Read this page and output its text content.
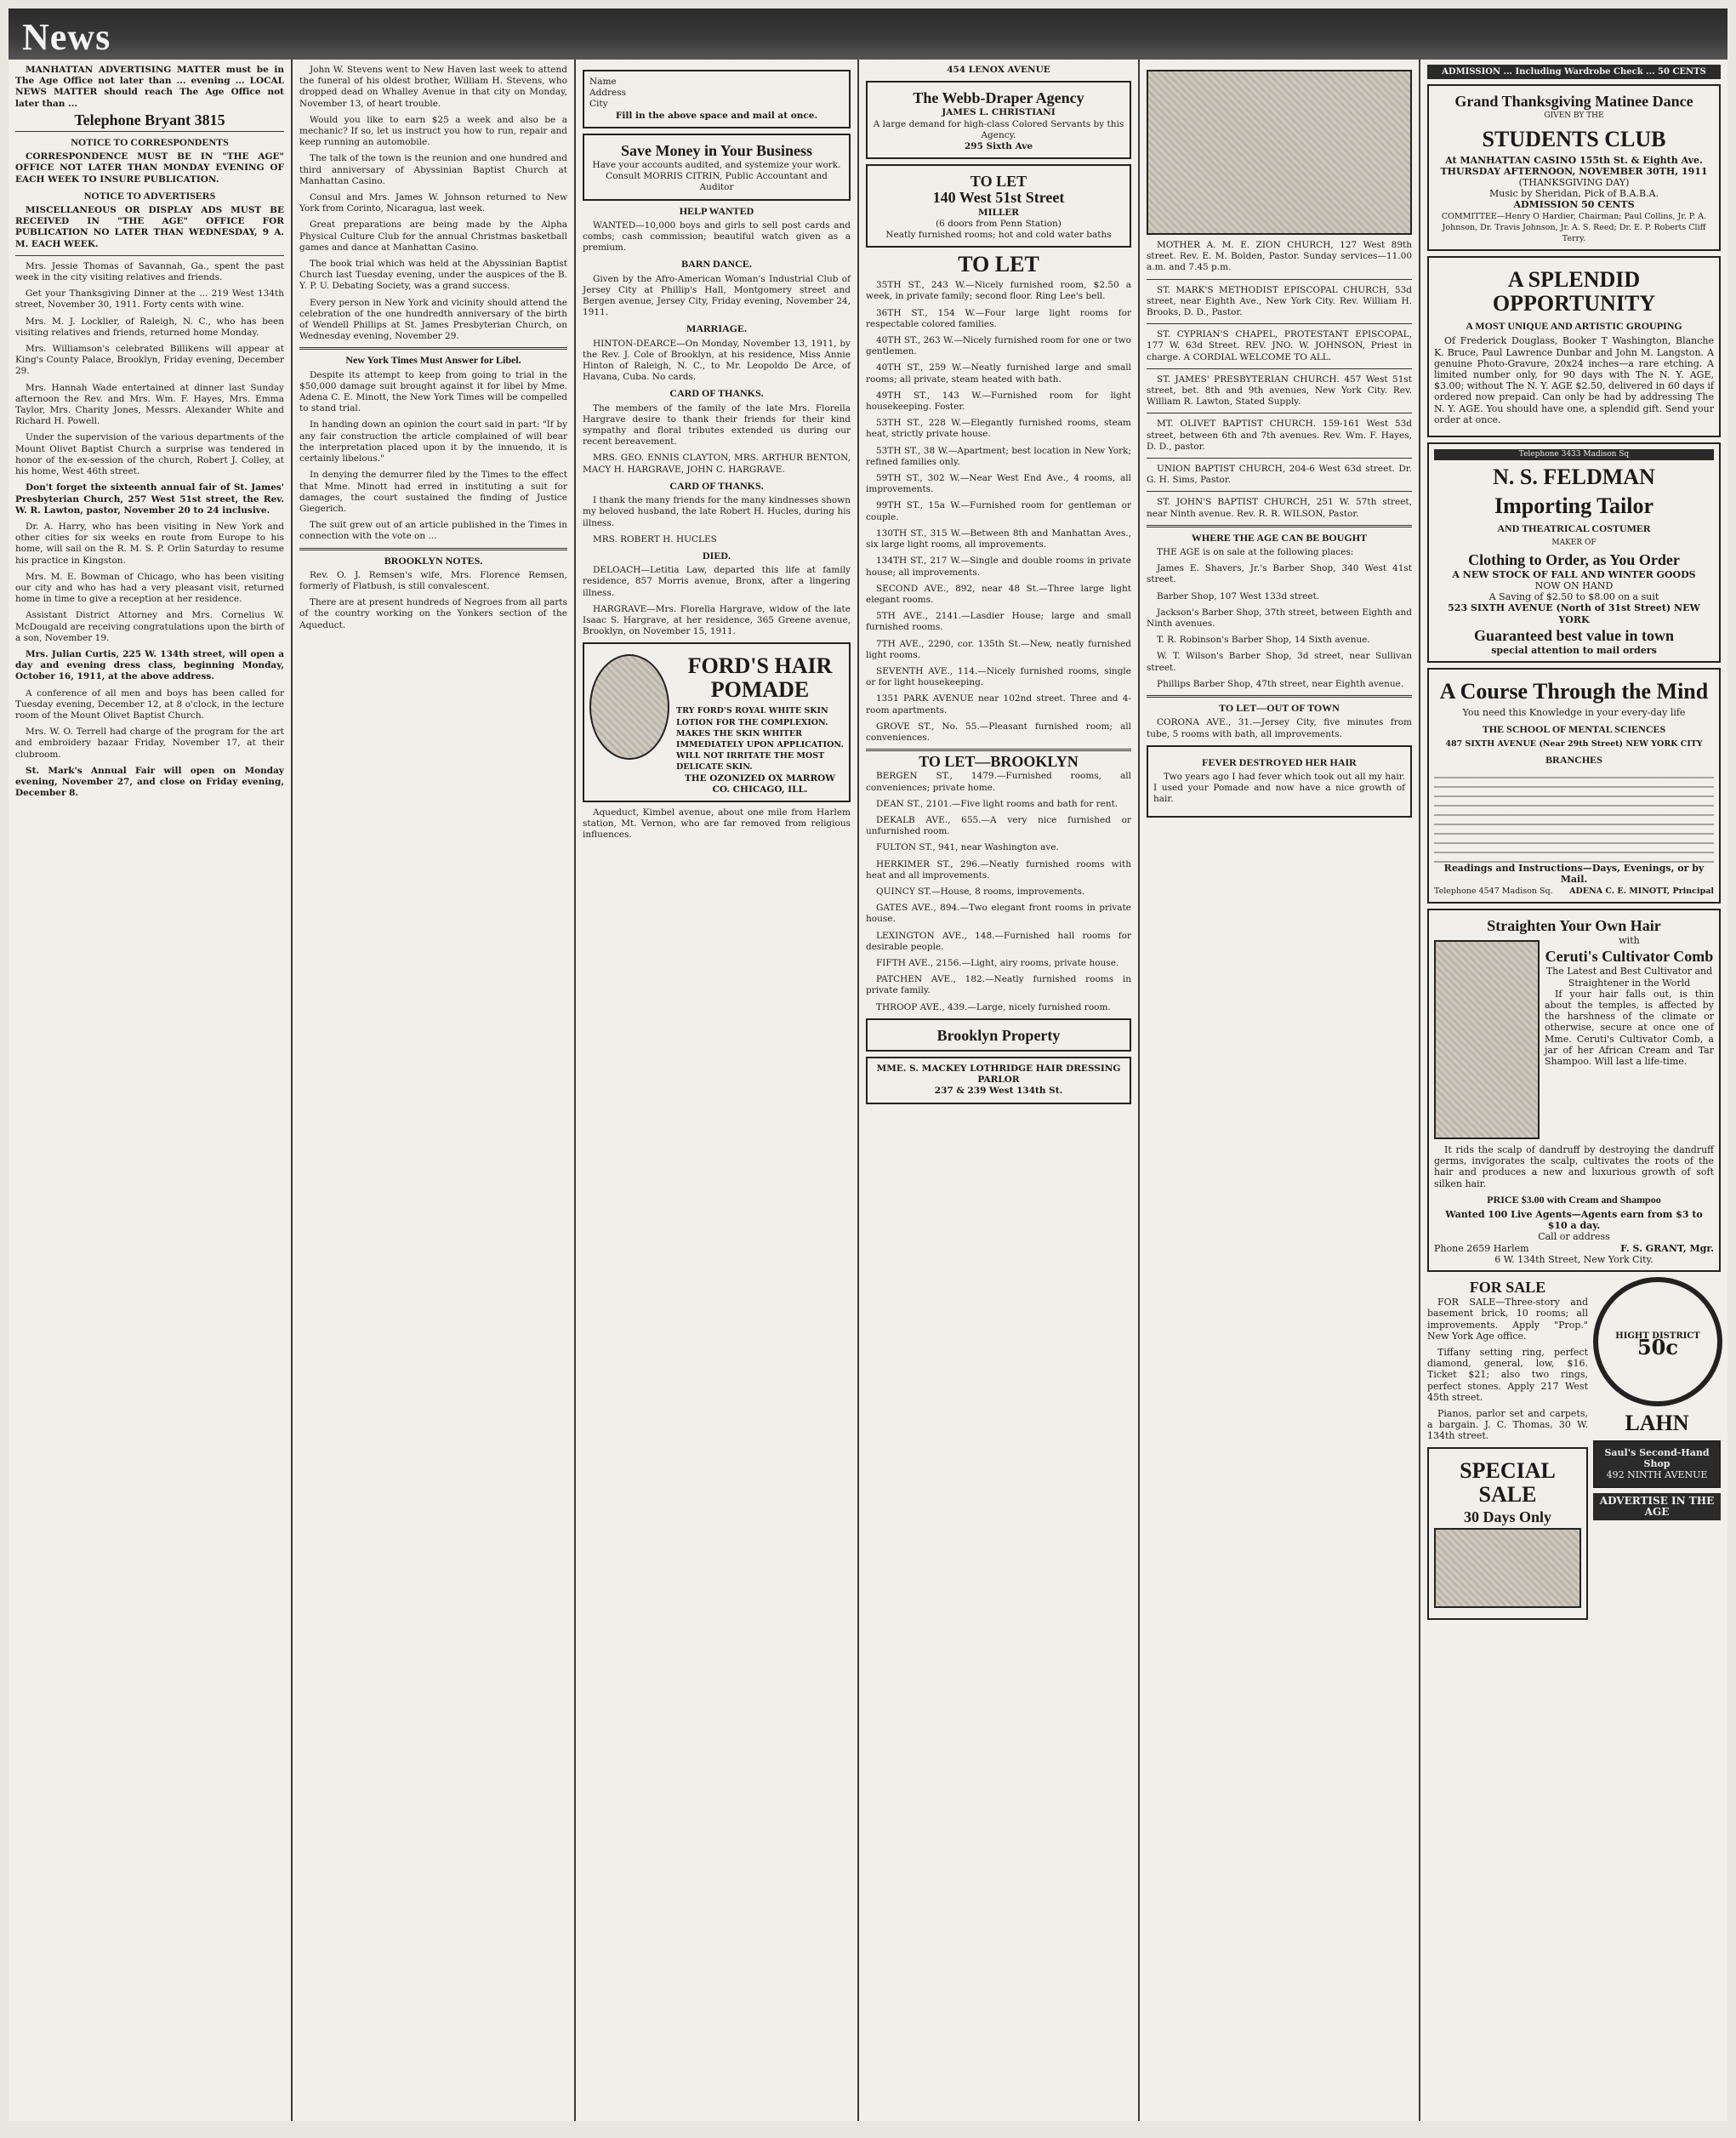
News

MANHATTAN ADVERTISING MATTER must be in The Age Office not later than ... evening ... LOCAL NEWS MATTER should reach The Age Office not later than ...

Telephone Bryant 3815
NOTICE TO CORRESPONDENTS

CORRESPONDENCE MUST BE IN "THE AGE" OFFICE NOT LATER THAN MONDAY EVENING OF EACH WEEK TO INSURE PUBLICATION.

NOTICE TO ADVERTISERS

MISCELLANEOUS OR DISPLAY ADS MUST BE RECEIVED IN "THE AGE" OFFICE FOR PUBLICATION NO LATER THAN WEDNESDAY, 9 A. M. EACH WEEK.

Mrs. Jessie Thomas of Savannah, Ga., spent the past week in the city visiting relatives and friends.

Get your Thanksgiving Dinner at the ... 219 West 134th street, November 30, 1911. Forty cents with wine.

Mrs. M. J. Locklier, of Raleigh, N. C., who has been visiting relatives and friends, returned home Monday.

Mrs. Williamson's celebrated Billikens will appear at King's County Palace, Brooklyn, Friday evening, December 29.

Mrs. Hannah Wade entertained at dinner last Sunday afternoon the Rev. and Mrs. Wm. F. Hayes, Mrs. Emma Taylor, Mrs. Charity Jones, Messrs. Alexander White and Richard H. Powell.

Under the supervision of the various departments of the Mount Olivet Baptist Church a surprise was tendered in honor of the ex-session of the church, Robert J. Colley, at his home, West 46th street.

Don't forget the sixteenth annual fair of St. James' Presbyterian Church, 257 West 51st street, the Rev. W. R. Lawton, pastor, November 20 to 24 inclusive.

Dr. A. Harry, who has been visiting in New York and other cities for six weeks en route from Europe to his home, will sail on the R. M. S. P. Orlin Saturday to resume his practice in Kingston.

Mrs. M. E. Bowman of Chicago, who has been visiting our city and who has had a very pleasant visit, returned home in time to give a reception at her residence.

Assistant District Attorney and Mrs. Cornelius W. McDougald are receiving congratulations upon the birth of a son, November 19.

Mrs. Julian Curtis, 225 W. 134th street, will open a day and evening dress class, beginning Monday, October 16, 1911, at the above address.

A conference of all men and boys has been called for Tuesday evening, December 12, at 8 o'clock, in the lecture room of the Mount Olivet Baptist Church.

Mrs. W. O. Terrell had charge of the program for the art and embroidery bazaar Friday, November 17, at their clubroom.

St. Mark's Annual Fair will open on Monday evening, November 27, and close on Friday evening, December 8.

John W. Stevens went to New Haven last week to attend the funeral of his oldest brother, William H. Stevens, who dropped dead on Whalley Avenue in that city on Monday, November 13, of heart trouble.

Would you like to earn $25 a week and also be a mechanic? If so, let us instruct you how to run, repair and keep running an automobile.

The talk of the town is the reunion and one hundred and third anniversary of Abyssinian Baptist Church at Manhattan Casino.

Consul and Mrs. James W. Johnson returned to New York from Corinto, Nicaragua, last week.

Great preparations are being made by the Alpha Physical Culture Club for the annual Christmas basketball games and dance at Manhattan Casino.

The book trial which was held at the Abyssinian Baptist Church last Tuesday evening, under the auspices of the B. Y. P. U. Debating Society, was a grand success.

Every person in New York and vicinity should attend the celebration of the one hundredth anniversary of the birth of Wendell Phillips at St. James Presbyterian Church, on Wednesday evening, November 29.

New York Times Must Answer for Libel.

Despite its attempt to keep from going to trial in the $50,000 damage suit brought against it for libel by Mme. Adena C. E. Minott, the New York Times will be compelled to stand trial.

In handing down an opinion the court said in part: "If by any fair construction the article complained of will bear the interpretation placed upon it by the innuendo, it is certainly libelous."

In denying the demurrer filed by the Times to the effect that Mme. Minott had erred in instituting a suit for damages, the court sustained the finding of Justice Giegerich.

The suit grew out of an article published in the Times in connection with the vote on ...

BROOKLYN NOTES.

Rev. O. J. Remsen's wife, Mrs. Florence Remsen, formerly of Flatbush, is still convalescent.

There are at present hundreds of Negroes from all parts of the country working on the Yonkers section of the Aqueduct.

Name
Address
City
Fill in the above space and mail at once.
Save Money in Your Business
Have your accounts audited, and systemize your work. Consult MORRIS CITRIN, Public Accountant and Auditor
HELP WANTED

WANTED—10,000 boys and girls to sell post cards and combs; cash commission; beautiful watch given as a premium.

BARN DANCE.

Given by the Afro-American Woman's Industrial Club of Jersey City at Phillip's Hall, Montgomery street and Bergen avenue, Jersey City, Friday evening, November 24, 1911.

MARRIAGE.

HINTON-DEARCE—On Monday, November 13, 1911, by the Rev. J. Cole of Brooklyn, at his residence, Miss Annie Hinton of Raleigh, N. C., to Mr. Leopoldo De Arce, of Havana, Cuba. No cards.

CARD OF THANKS.

The members of the family of the late Mrs. Florella Hargrave desire to thank their friends for their kind sympathy and floral tributes extended us during our recent bereavement.

MRS. GEO. ENNIS CLAYTON, MRS. ARTHUR BENTON, MACY H. HARGRAVE, JOHN C. HARGRAVE.

CARD OF THANKS.

I thank the many friends for the many kindnesses shown my beloved husband, the late Robert H. Hucles, during his illness.

MRS. ROBERT H. HUCLES

DIED.

DELOACH—Letitia Law, departed this life at family residence, 857 Morris avenue, Bronx, after a lingering illness.

HARGRAVE—Mrs. Florella Hargrave, widow of the late Isaac S. Hargrave, at her residence, 365 Greene avenue, Brooklyn, on November 15, 1911.

FORD'S HAIR POMADE
TRY FORD'S ROYAL WHITE SKIN LOTION FOR THE COMPLEXION. MAKES THE SKIN WHITER IMMEDIATELY UPON APPLICATION. WILL NOT IRRITATE THE MOST DELICATE SKIN.
THE OZONIZED OX MARROW CO. CHICAGO, ILL.

Aqueduct, Kimbel avenue, about one mile from Harlem station, Mt. Vernon, who are far removed from religious influences.

454 LENOX AVENUE
The Webb-Draper Agency
JAMES L. CHRISTIANI
A large demand for high-class Colored Servants by this Agency.
295 Sixth Ave
TO LET
140 West 51st Street
MILLER
(6 doors from Penn Station)
Neatly furnished rooms; hot and cold water baths
TO LET

35TH ST., 243 W.—Nicely furnished room, $2.50 a week, in private family; second floor. Ring Lee's bell.

36TH ST., 154 W.—Four large light rooms for respectable colored families.

40TH ST., 263 W.—Nicely furnished room for one or two gentlemen.

40TH ST., 259 W.—Neatly furnished large and small rooms; all private, steam heated with bath.

49TH ST., 143 W.—Furnished room for light housekeeping. Foster.

53TH ST., 228 W.—Elegantly furnished rooms, steam heat, strictly private house.

53TH ST., 38 W.—Apartment; best location in New York; refined families only.

59TH ST., 302 W.—Near West End Ave., 4 rooms, all improvements.

99TH ST., 15a W.—Furnished room for gentleman or couple.

130TH ST., 315 W.—Between 8th and Manhattan Aves., six large light rooms, all improvements.

134TH ST., 217 W.—Single and double rooms in private house; all improvements.

SECOND AVE., 892, near 48 St.—Three large light elegant rooms.

5TH AVE., 2141.—Lasdier House; large and small furnished rooms.

7TH AVE., 2290, cor. 135th St.—New, neatly furnished light rooms.

SEVENTH AVE., 114.—Nicely furnished rooms, single or for light housekeeping.

1351 PARK AVENUE near 102nd street. Three and 4-room apartments.

GROVE ST., No. 55.—Pleasant furnished room; all conveniences.

TO LET—BROOKLYN

BERGEN ST., 1479.—Furnished rooms, all conveniences; private home.

DEAN ST., 2101.—Five light rooms and bath for rent.

DEKALB AVE., 655.—A very nice furnished or unfurnished room.

FULTON ST., 941, near Washington ave.

HERKIMER ST., 296.—Neatly furnished rooms with heat and all improvements.

QUINCY ST.—House, 8 rooms, improvements.

GATES AVE., 894.—Two elegant front rooms in private house.

LEXINGTON AVE., 148.—Furnished hall rooms for desirable people.

FIFTH AVE., 2156.—Light, airy rooms, private house.

PATCHEN AVE., 182.—Neatly furnished rooms in private family.

THROOP AVE., 439.—Large, nicely furnished room.

Brooklyn Property
MME. S. MACKEY LOTHRIDGE HAIR DRESSING PARLOR
237 & 239 West 134th St.

MOTHER A. M. E. ZION CHURCH, 127 West 89th street. Rev. E. M. Bolden, Pastor. Sunday services—11.00 a.m. and 7.45 p.m.

ST. MARK'S METHODIST EPISCOPAL CHURCH, 53d street, near Eighth Ave., New York City. Rev. William H. Brooks, D. D., Pastor.

ST. CYPRIAN'S CHAPEL, PROTESTANT EPISCOPAL, 177 W. 63d Street. REV. JNO. W. JOHNSON, Priest in charge. A CORDIAL WELCOME TO ALL.

ST. JAMES' PRESBYTERIAN CHURCH. 457 West 51st street, bet. 8th and 9th avenues, New York City. Rev. William R. Lawton, Stated Supply.

MT. OLIVET BAPTIST CHURCH. 159-161 West 53d street, between 6th and 7th avenues. Rev. Wm. F. Hayes, D. D., pastor.

UNION BAPTIST CHURCH, 204-6 West 63d street. Dr. G. H. Sims, Pastor.

ST. JOHN'S BAPTIST CHURCH, 251 W. 57th street, near Ninth avenue. Rev. R. R. WILSON, Pastor.

WHERE THE AGE CAN BE BOUGHT

THE AGE is on sale at the following places:

James E. Shavers, Jr.'s Barber Shop, 340 West 41st street.

Barber Shop, 107 West 133d street.

Jackson's Barber Shop, 37th street, between Eighth and Ninth avenues.

T. R. Robinson's Barber Shop, 14 Sixth avenue.

W. T. Wilson's Barber Shop, 3d street, near Sullivan street.

Phillips Barber Shop, 47th street, near Eighth avenue.

TO LET—OUT OF TOWN

CORONA AVE., 31.—Jersey City, five minutes from tube, 5 rooms with bath, all improvements.

FEVER DESTROYED HER HAIR

Two years ago I had fever which took out all my hair. I used your Pomade and now have a nice growth of hair.

ADMISSION ... Including Wardrobe Check ... 50 CENTS
Grand Thanksgiving Matinee Dance
GIVEN BY THE
STUDENTS CLUB
At MANHATTAN CASINO 155th St. & Eighth Ave.
THURSDAY AFTERNOON, NOVEMBER 30TH, 1911
(THANKSGIVING DAY)
Music by Sheridan, Pick of B.A.B.A.
ADMISSION 50 CENTS
COMMITTEE—Henry O Hardier, Chairman; Paul Collins, Jr. P. A. Johnson, Dr. Travis Johnson, Jr. A. S. Reed; Dr. E. P. Roberts Cliff Terry.
A SPLENDID OPPORTUNITY
A MOST UNIQUE AND ARTISTIC GROUPING

Of Frederick Douglass, Booker T Washington, Blanche K. Bruce, Paul Lawrence Dunbar and John M. Langston. A genuine Photo-Gravure, 20x24 inches—a rare etching. A limited number only, for 90 days with The N. Y. AGE, $3.00; without The N. Y. AGE $2.50, delivered in 60 days if ordered now prepaid. Can only be had by addressing The N. Y. AGE. You should have one, a splendid gift. Send your order at once.

Telephone 3433 Madison Sq
N. S. FELDMAN
Importing Tailor
AND THEATRICAL COSTUMER
MAKER OF
Clothing to Order, as You Order
A NEW STOCK OF FALL AND WINTER GOODS
NOW ON HAND
A Saving of $2.50 to $8.00 on a suit
523 SIXTH AVENUE (North of 31st Street) NEW YORK
Guaranteed best value in town
special attention to mail orders
A Course Through the Mind
You need this Knowledge in your every-day life
THE SCHOOL OF MENTAL SCIENCES
487 SIXTH AVENUE (Near 29th Street) NEW YORK CITY
BRANCHES
Readings and Instructions—Days, Evenings, or by Mail.
Telephone 4547 Madison Sq. ADENA C. E. MINOTT, Principal
Straighten Your Own Hair
with
Ceruti's Cultivator Comb
The Latest and Best Cultivator and Straightener in the World

If your hair falls out, is thin about the temples, is affected by the harshness of the climate or otherwise, secure at once one of Mme. Ceruti's Cultivator Comb, a jar of her African Cream and Tar Shampoo. Will last a life-time.

It rids the scalp of dandruff by destroying the dandruff germs, invigorates the scalp, cultivates the roots of the hair and produces a new and luxurious growth of soft silken hair.

PRICE $3.00 with Cream and Shampoo
Wanted 100 Live Agents—Agents earn from $3 to $10 a day.
Call or address
Phone 2659 Harlem	F. S. GRANT, Mgr.
6 W. 134th Street, New York City.
FOR SALE

FOR SALE—Three-story and basement brick, 10 rooms; all improvements. Apply "Prop." New York Age office.

Tiffany setting ring, perfect diamond, general, low, $16. Ticket $21; also two rings, perfect stones. Apply 217 West 45th street.

Pianos, parlor set and carpets, a bargain. J. C. Thomas, 30 W. 134th street.

SPECIAL SALE
30 Days Only
HIGHT DISTRICT
50c
LAHN
Saul's Second-Hand Shop
492 NINTH AVENUE
ADVERTISE IN THE AGE
